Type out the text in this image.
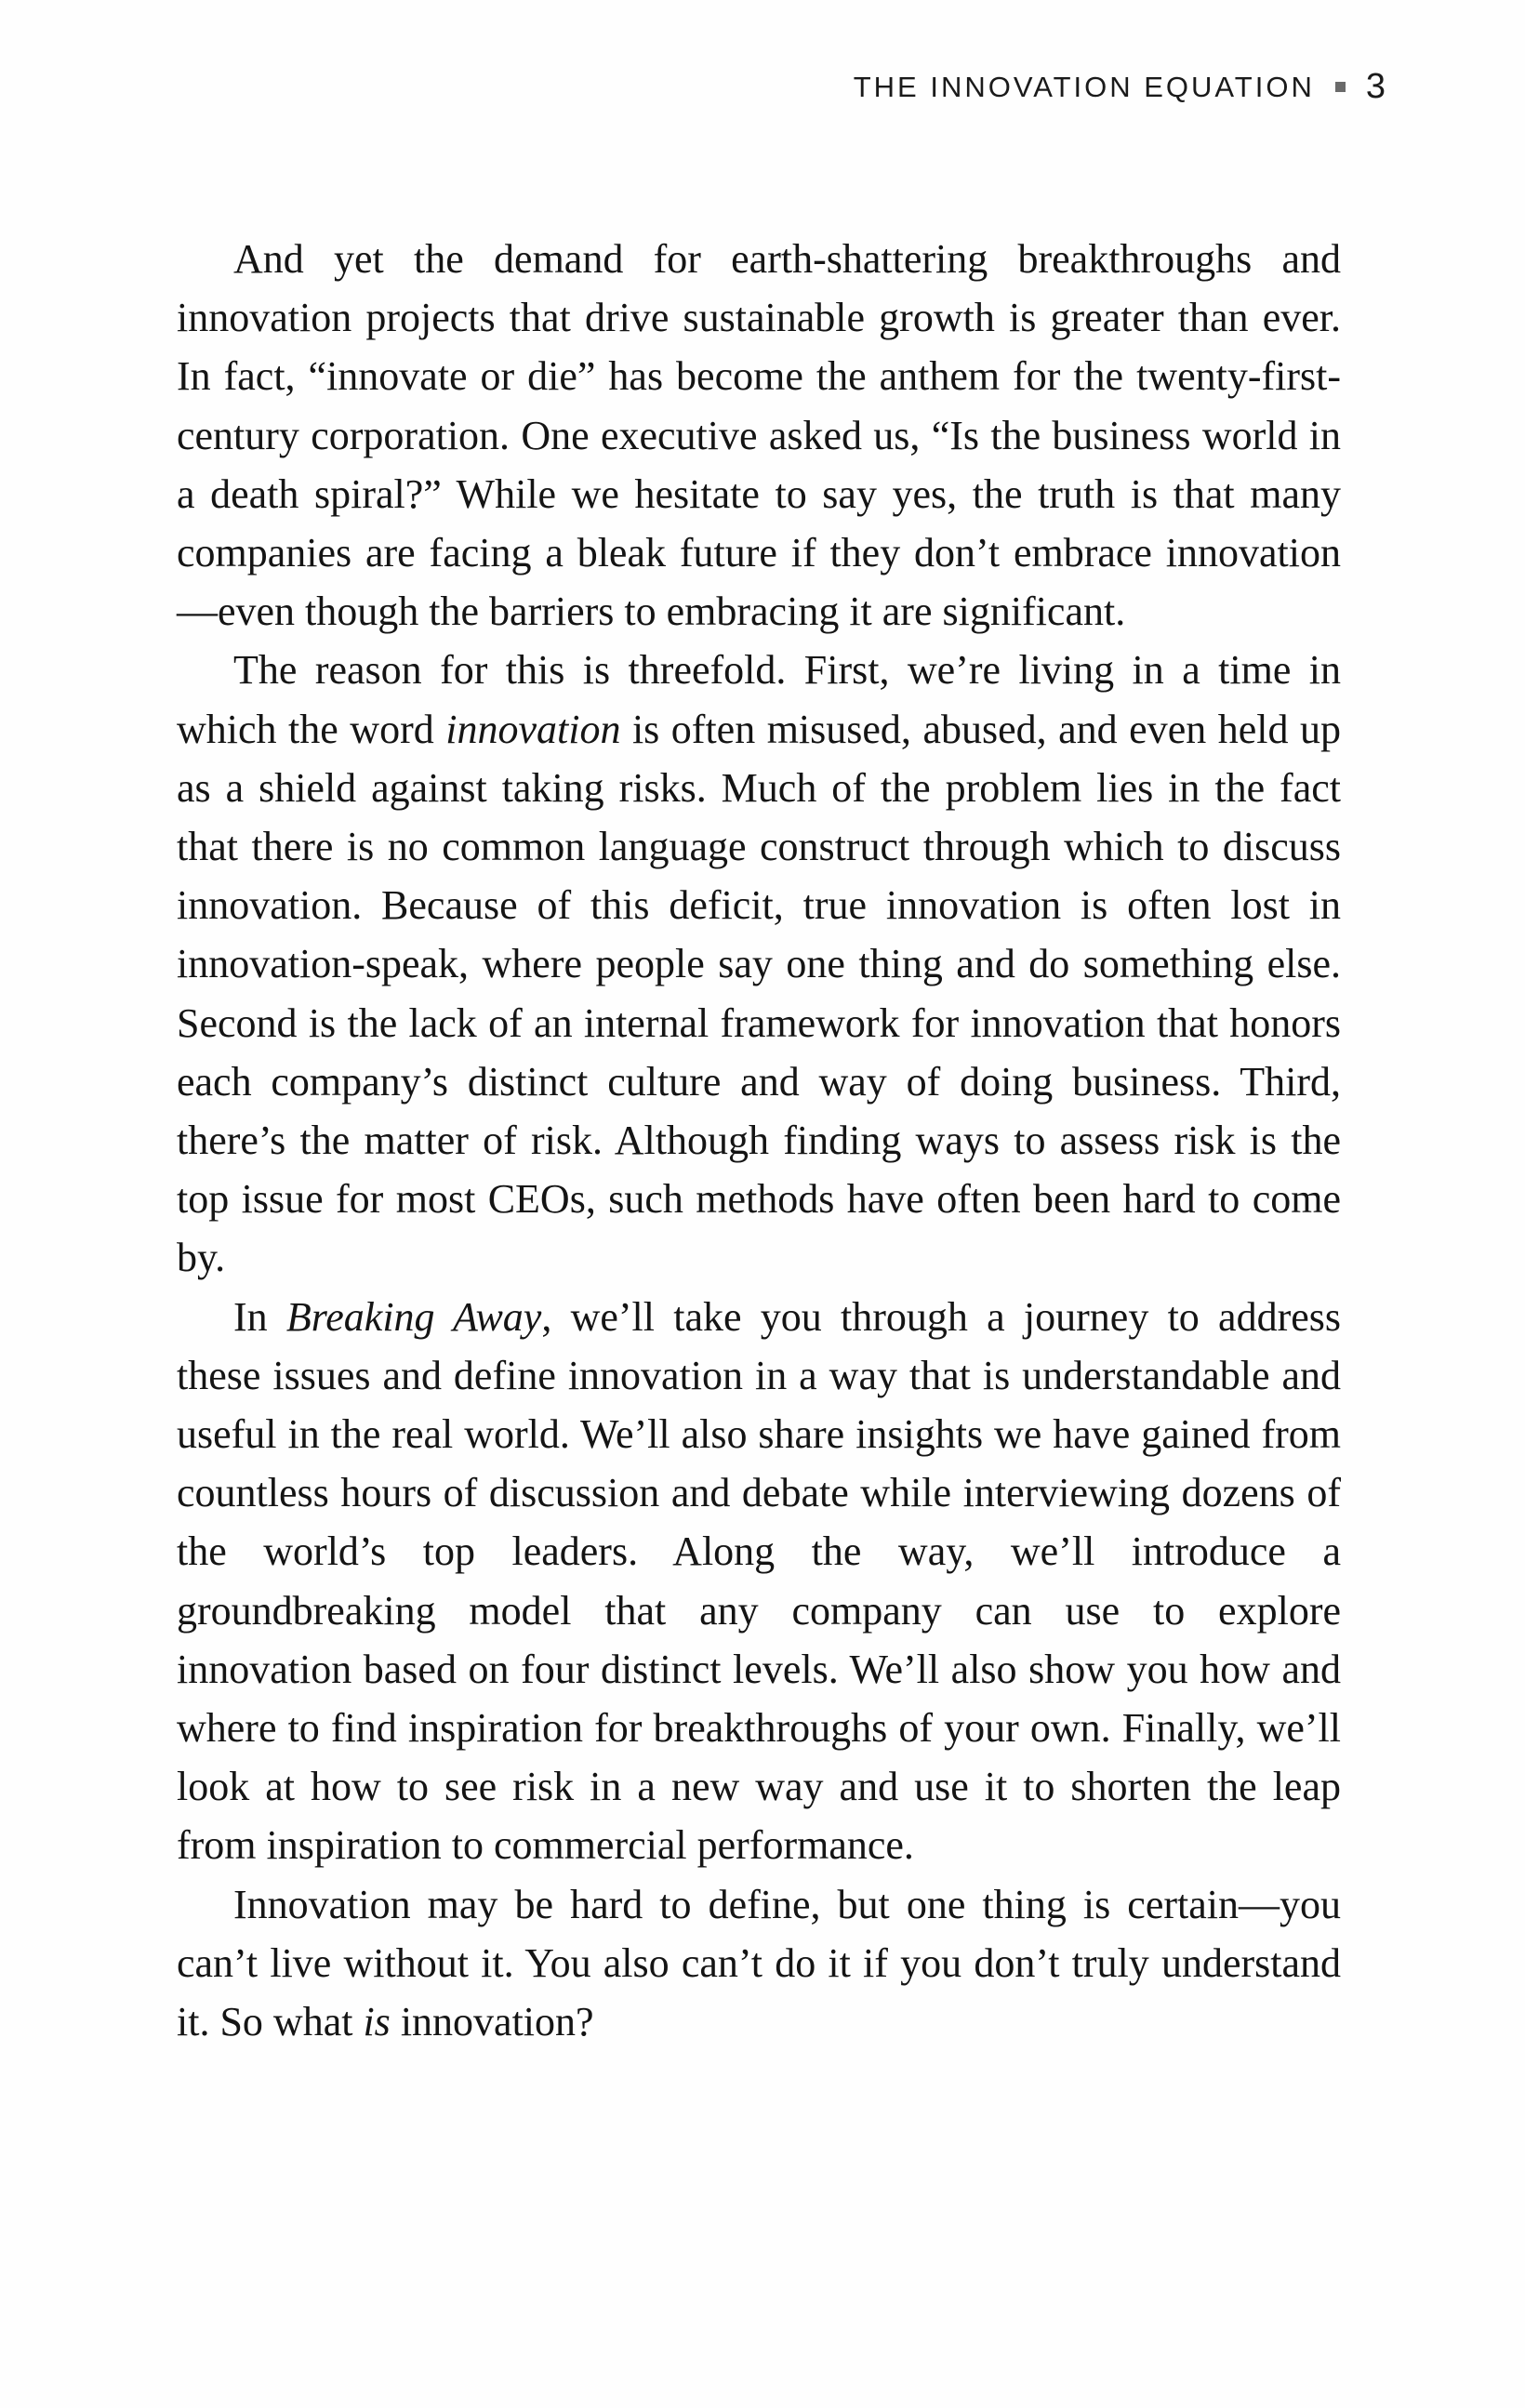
THE INNOVATION EQUATION 3

And yet the demand for earth-shattering breakthroughs and innovation projects that drive sustainable growth is greater than ever. In fact, “innovate or die” has become the anthem for the twenty-first-century corporation. One executive asked us, “Is the business world in a death spiral?” While we hesitate to say yes, the truth is that many companies are facing a bleak future if they don’t embrace innovation—even though the barriers to embracing it are significant.

The reason for this is threefold. First, we’re living in a time in which the word innovation is often misused, abused, and even held up as a shield against taking risks. Much of the problem lies in the fact that there is no common language construct through which to discuss innovation. Because of this deficit, true innovation is often lost in innovation-speak, where people say one thing and do something else. Second is the lack of an internal framework for innovation that honors each company’s distinct culture and way of doing business. Third, there’s the matter of risk. Although finding ways to assess risk is the top issue for most CEOs, such methods have often been hard to come by.

In Breaking Away, we’ll take you through a journey to address these issues and define innovation in a way that is understandable and useful in the real world. We’ll also share insights we have gained from countless hours of discussion and debate while interviewing dozens of the world’s top leaders. Along the way, we’ll introduce a groundbreaking model that any company can use to explore innovation based on four distinct levels. We’ll also show you how and where to find inspiration for breakthroughs of your own. Finally, we’ll look at how to see risk in a new way and use it to shorten the leap from inspiration to commercial performance.

Innovation may be hard to define, but one thing is certain—you can’t live without it. You also can’t do it if you don’t truly understand it. So what is innovation?
